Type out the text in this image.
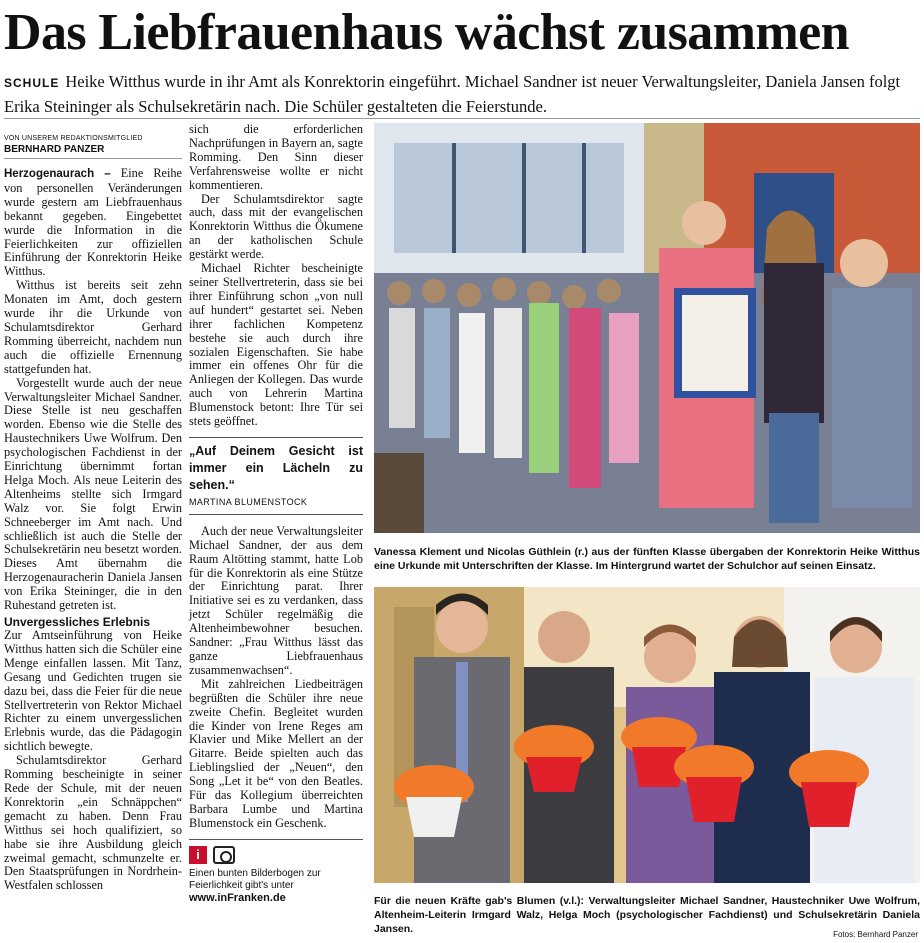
Das Liebfrauenhaus wächst zusammen
SCHULE Heike Witthus wurde in ihr Amt als Konrektorin eingeführt. Michael Sandner ist neuer Verwaltungsleiter, Daniela Jansen folgt Erika Steininger als Schulsekretärin nach. Die Schüler gestalteten die Feierstunde.
VON UNSEREM REDAKTIONSMITGLIED
BERNHARD PANZER

Herzogenaurach – Eine Reihe von personellen Veränderungen wurde gestern am Liebfrauenhaus bekannt gegeben. Eingebettet wurde die Information in die Feierlichkeiten zur offiziellen Einführung der Konrektorin Heike Witthus.

Witthus ist bereits seit zehn Monaten im Amt, doch gestern wurde ihr die Urkunde von Schulamtsdirektor Gerhard Romming überreicht, nachdem nun auch die offizielle Ernennung stattgefunden hat.

Vorgestellt wurde auch der neue Verwaltungsleiter Michael Sandner. Diese Stelle ist neu geschaffen worden. Ebenso wie die Stelle des Haustechnikers Uwe Wolfrum. Den psychologischen Fachdienst in der Einrichtung übernimmt fortan Helga Moch. Als neue Leiterin des Altenheims stellte sich Irmgard Walz vor. Sie folgt Erwin Schneeberger im Amt nach. Und schließlich ist auch die Stelle der Schulsekretärin neu besetzt worden. Dieses Amt übernahm die Herzogenauracherin Daniela Jansen von Erika Steininger, die in den Ruhestand getreten ist.

Unvergessliches Erlebnis

Zur Amtseinführung von Heike Witthus hatten sich die Schüler eine Menge einfallen lassen. Mit Tanz, Gesang und Gedichten trugen sie dazu bei, dass die Feier für die neue Stellvertreterin von Rektor Michael Richter zu einem unvergesslichen Erlebnis wurde, das die Pädagogin sichtlich bewegte.

Schulamtsdirektor Gerhard Romming bescheinigte in seiner Rede der Schule, mit der neuen Konrektorin „ein Schnäppchen“ gemacht zu haben. Denn Frau Witthus sei hoch qualifiziert, so habe sie ihre Ausbildung gleich zweimal gemacht, schmunzelte er. Den Staatsprüfungen in Nordrhein-Westfalen schlossen

sich die erforderlichen Nachprüfungen in Bayern an, sagte Romming. Den Sinn dieser Verfahrensweise wollte er nicht kommentieren.

Der Schulamtsdirektor sagte auch, dass mit der evangelischen Konrektorin Witthus die Ökumene an der katholischen Schule gestärkt werde.

Michael Richter bescheinigte seiner Stellvertreterin, dass sie bei ihrer Einführung schon „von null auf hundert“ gestartet sei. Neben ihrer fachlichen Kompetenz bestehe sie auch durch ihre sozialen Eigenschaften. Sie habe immer ein offenes Ohr für die Anliegen der Kollegen. Das wurde auch von Lehrerin Martina Blumenstock betont: Ihre Tür sei stets geöffnet.

„Auf Deinem Gesicht ist immer ein Lächeln zu sehen.“
MARTINA BLUMENSTOCK

Auch der neue Verwaltungsleiter Michael Sandner, der aus dem Raum Altötting stammt, hatte Lob für die Konrektorin als eine Stütze der Einrichtung parat. Ihrer Initiative sei es zu verdanken, dass jetzt Schüler regelmäßig die Altenheimbewohner besuchen. Sandner: „Frau Witthus lässt das ganze Liebfrauenhaus zusammenwachsen“.

Mit zahlreichen Liedbeiträgen begrüßten die Schüler ihre neue zweite Chefin. Begleitet wurden die Kinder von Irene Reges am Klavier und Mike Mellert an der Gitarre. Beide spielten auch das Lieblingslied der „Neuen“, den Song „Let it be“ von den Beatles. Für das Kollegium überreichten Barbara Lumbe und Martina Blumenstock ein Geschenk.

i
Einen bunten Bilderbogen zur Feierlichkeit gibt's unter
www.inFranken.de
Vanessa Klement und Nicolas Güthlein (r.) aus der fünften Klasse übergaben der Konrektorin Heike Witthus eine Urkunde mit Unterschriften der Klasse. Im Hintergrund wartet der Schulchor auf seinen Einsatz.
Für die neuen Kräfte gab's Blumen (v.l.): Verwaltungsleiter Michael Sandner, Haustechniker Uwe Wolfrum, Altenheim-Leiterin Irmgard Walz, Helga Moch (psychologischer Fachdienst) und Schulsekretärin Daniela Jansen.	Fotos: Bernhard Panzer
